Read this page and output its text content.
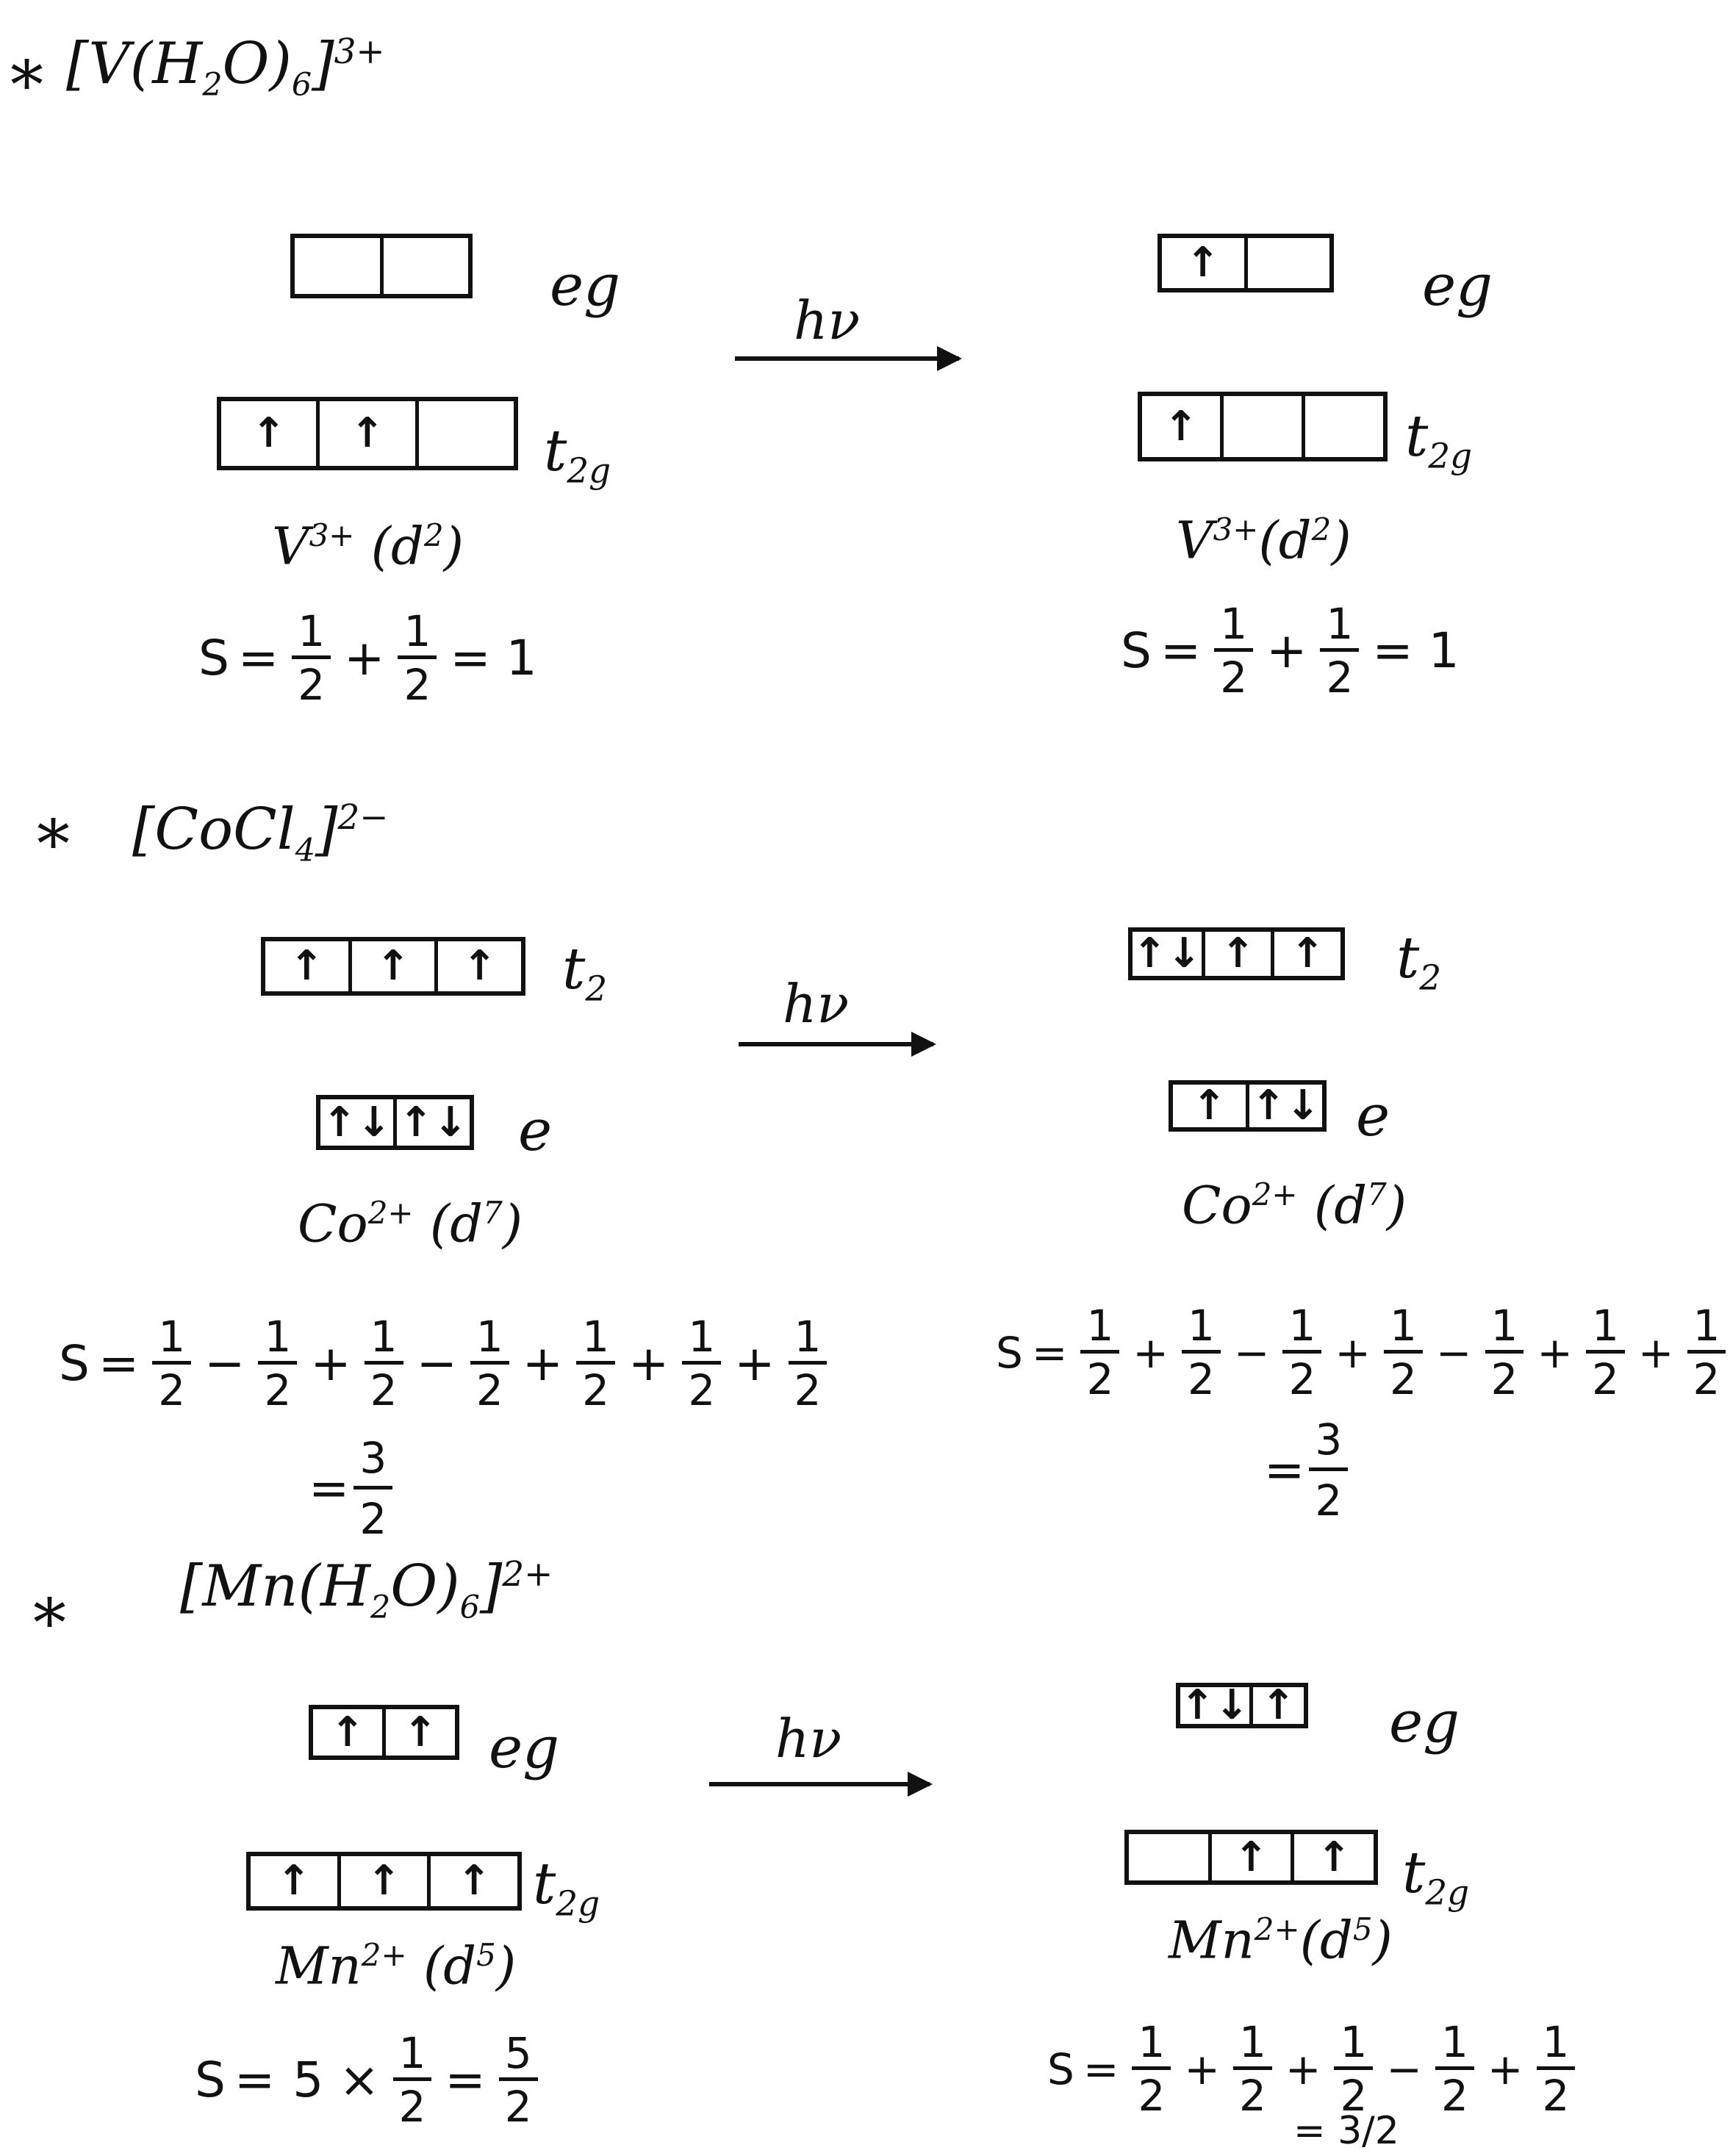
* $[V(H_2O)_6]^{3+}$
eg
↑	↑	$t_{2g}$
$V^{3+}$ $(d^2)$
$S = \frac{1}{2} + \frac{1}{2} = 1$
hν
↑	eg
↑	$t_{2g}$
$V^{3+}(d^2)$
$S = \frac{1}{2} + \frac{1}{2} = 1$
* [CoCl$_4$]$^{2-}$
↑	↑	↑	$t_2$
↑↓ ↑↓ e
$Co^{2+}$ $(d^7)$
$S = \frac{1}{2} - \frac{1}{2} + \frac{1}{2} - \frac{1}{2} + \frac{1}{2} + \frac{1}{2} + \frac{1}{2}$
= $\frac{3}{2}$
hν
↑↓ ↑ ↑ $t_2$
↑ ↑↓ e
$Co^{2+}$ $(d^7)$
$S = \frac{1}{2} + \frac{1}{2} - \frac{1}{2} + \frac{1}{2} - \frac{1}{2} + \frac{1}{2} + \frac{1}{2}$
= $\frac{3}{2}$
* $[Mn(H_2O)_6]^{2+}$
↑ ↑ eg
↑	↑	↑ $t_{2g}$
$Mn^{2+}$ $(d^5)$
$S = 5 \times \frac{1}{2} = \frac{5}{2}$
hν
↑↓ ↑ eg
↑	↑ $t_{2g}$
$Mn^{2+}(d^5)$
$S = \frac{1}{2} + \frac{1}{2} + \frac{1}{2} - \frac{1}{2} + \frac{1}{2}$
= 3/2
